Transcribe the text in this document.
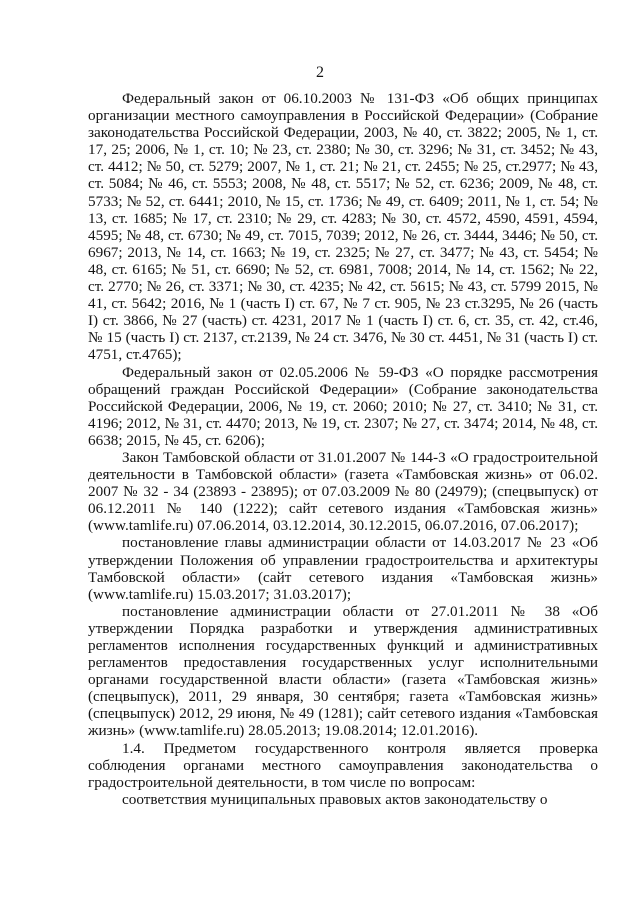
2

Федеральный закон от 06.10.2003 № 131-ФЗ «Об общих принципах организации местного самоуправления в Российской Федерации» (Собрание законодательства Российской Федерации, 2003, № 40, ст. 3822; 2005, № 1, ст. 17, 25; 2006, № 1, ст. 10; № 23, ст. 2380; № 30, ст. 3296; № 31, ст. 3452; № 43, ст. 4412; № 50, ст. 5279; 2007, № 1, ст. 21; № 21, ст. 2455; № 25, ст.2977; № 43, ст. 5084; № 46, ст. 5553; 2008, № 48, ст. 5517; № 52, ст. 6236; 2009, № 48, ст. 5733; № 52, ст. 6441; 2010, № 15, ст. 1736; № 49, ст. 6409; 2011, № 1, ст. 54; № 13, ст. 1685; № 17, ст. 2310; № 29, ст. 4283; № 30, ст. 4572, 4590, 4591, 4594, 4595; № 48, ст. 6730; № 49, ст. 7015, 7039; 2012, № 26, ст. 3444, 3446; № 50, ст. 6967; 2013, № 14, ст. 1663; № 19, ст. 2325; № 27, ст. 3477; № 43, ст. 5454; № 48, ст. 6165; № 51, ст. 6690; № 52, ст. 6981, 7008; 2014, № 14, ст. 1562; № 22, ст. 2770; № 26, ст. 3371; № 30, ст. 4235; № 42, ст. 5615; № 43, ст. 5799 2015, № 41, ст. 5642; 2016, № 1 (часть I) ст. 67, № 7 ст. 905, № 23 ст.3295, № 26 (часть I) ст. 3866, № 27 (часть) ст. 4231, 2017 № 1 (часть I) ст. 6, ст. 35, ст. 42, ст.46, № 15 (часть I) ст. 2137, ст.2139, № 24 ст. 3476, № 30 ст. 4451, № 31 (часть I) ст. 4751, ст.4765);

Федеральный закон от 02.05.2006 № 59-ФЗ «О порядке рассмотрения обращений граждан Российской Федерации» (Собрание законодательства Российской Федерации, 2006, № 19, ст. 2060; 2010; № 27, ст. 3410; № 31, ст. 4196; 2012, № 31, ст. 4470; 2013, № 19, ст. 2307; № 27, ст. 3474; 2014, № 48, ст. 6638; 2015, № 45, ст. 6206);

Закон Тамбовской области от 31.01.2007 № 144-З «О градостроительной деятельности в Тамбовской области» (газета «Тамбовская жизнь» от 06.02. 2007 № 32 - 34 (23893 - 23895); от 07.03.2009 № 80 (24979); (спецвыпуск) от 06.12.2011 № 140 (1222); сайт сетевого издания «Тамбовская жизнь» (www.tamlife.ru) 07.06.2014, 03.12.2014, 30.12.2015, 06.07.2016, 07.06.2017);

постановление главы администрации области от 14.03.2017 № 23 «Об утверждении Положения об управлении градостроительства и архитектуры Тамбовской области» (сайт сетевого издания «Тамбовская жизнь» (www.tamlife.ru) 15.03.2017; 31.03.2017);

постановление администрации области от 27.01.2011 № 38 «Об утверждении Порядка разработки и утверждения административных регламентов исполнения государственных функций и административных регламентов предоставления государственных услуг исполнительными органами государственной власти области» (газета «Тамбовская жизнь» (спецвыпуск), 2011, 29 января, 30 сентября; газета «Тамбовская жизнь» (спецвыпуск) 2012, 29 июня, № 49 (1281); сайт сетевого издания «Тамбовская жизнь» (www.tamlife.ru) 28.05.2013; 19.08.2014; 12.01.2016).

1.4. Предметом государственного контроля является проверка соблюдения органами местного самоуправления законодательства о градостроительной деятельности, в том числе по вопросам:

соответствия муниципальных правовых актов законодательству о
